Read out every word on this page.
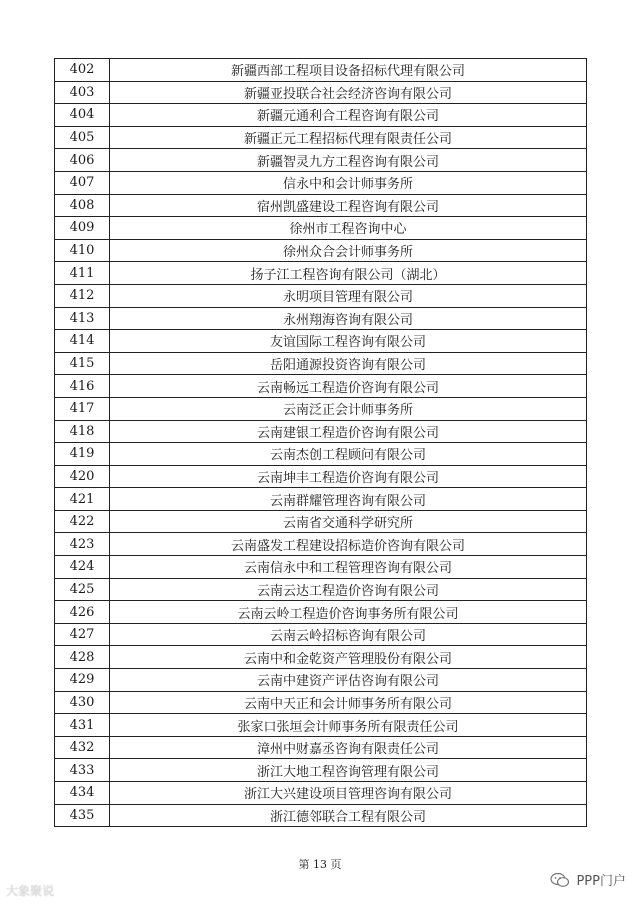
402	新疆西部工程项目设备招标代理有限公司
403	新疆亚投联合社会经济咨询有限公司
404	新疆元通利合工程咨询有限公司
405	新疆正元工程招标代理有限责任公司
406	新疆智灵九方工程咨询有限公司
407	信永中和会计师事务所
408	宿州凯盛建设工程咨询有限公司
409	徐州市工程咨询中心
410	徐州众合会计师事务所
411	扬子江工程咨询有限公司（湖北）
412	永明项目管理有限公司
413	永州翔海咨询有限公司
414	友谊国际工程咨询有限公司
415	岳阳通源投资咨询有限公司
416	云南畅远工程造价咨询有限公司
417	云南泛正会计师事务所
418	云南建银工程造价咨询有限公司
419	云南杰创工程顾问有限公司
420	云南坤丰工程造价咨询有限公司
421	云南群耀管理咨询有限公司
422	云南省交通科学研究所
423	云南盛发工程建设招标造价咨询有限公司
424	云南信永中和工程管理咨询有限公司
425	云南云达工程造价咨询有限公司
426	云南云岭工程造价咨询事务所有限公司
427	云南云岭招标咨询有限公司
428	云南中和金乾资产管理股份有限公司
429	云南中建资产评估咨询有限公司
430	云南中天正和会计师事务所有限公司
431	张家口张垣会计师事务所有限责任公司
432	漳州中财嘉丞咨询有限责任公司
433	浙江大地工程咨询管理有限公司
434	浙江大兴建设项目管理咨询有限公司
435	浙江德邻联合工程有限公司
第 13 页
大象聚说
PPP门户
